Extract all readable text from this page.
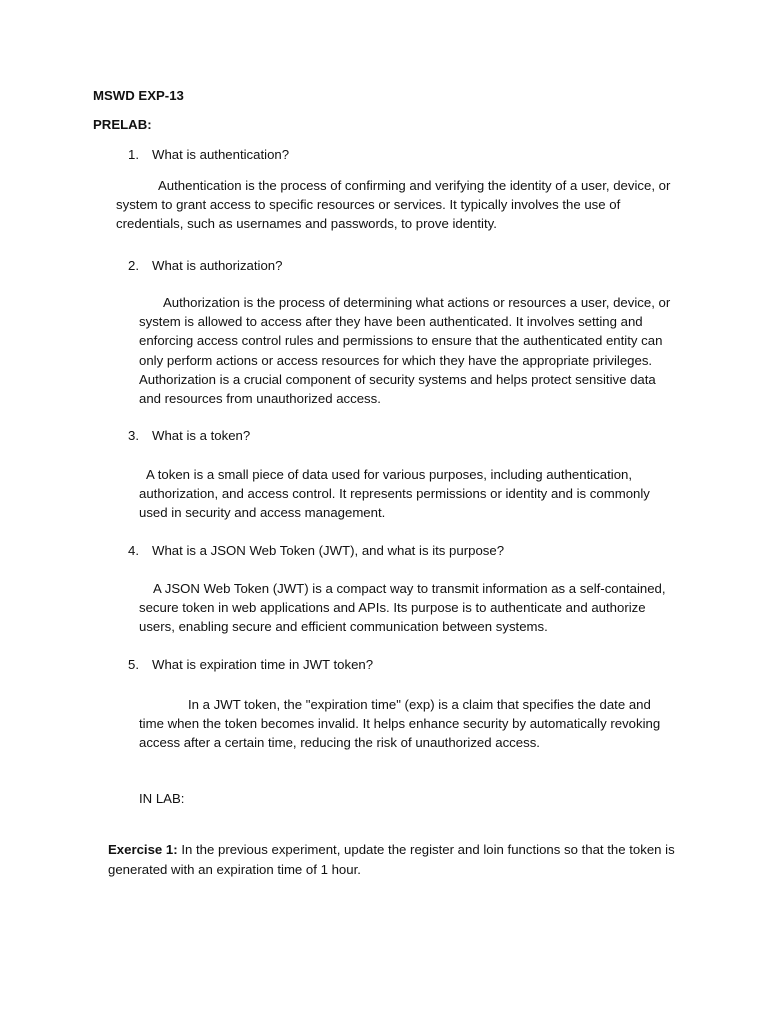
MSWD EXP-13
PRELAB:
1. What is authentication?

Authentication is the process of confirming and verifying the identity of a user, device, or system to grant access to specific resources or services. It typically involves the use of credentials, such as usernames and passwords, to prove identity.

2. What is authorization?

Authorization is the process of determining what actions or resources a user, device, or system is allowed to access after they have been authenticated. It involves setting and enforcing access control rules and permissions to ensure that the authenticated entity can only perform actions or access resources for which they have the appropriate privileges. Authorization is a crucial component of security systems and helps protect sensitive data and resources from unauthorized access.

3. What is a token?

A token is a small piece of data used for various purposes, including authentication, authorization, and access control. It represents permissions or identity and is commonly used in security and access management.

4. What is a JSON Web Token (JWT), and what is its purpose?

A JSON Web Token (JWT) is a compact way to transmit information as a self-contained, secure token in web applications and APIs. Its purpose is to authenticate and authorize users, enabling secure and efficient communication between systems.

5. What is expiration time in JWT token?

In a JWT token, the "expiration time" (exp) is a claim that specifies the date and time when the token becomes invalid. It helps enhance security by automatically revoking access after a certain time, reducing the risk of unauthorized access.

IN LAB:

Exercise 1: In the previous experiment, update the register and loin functions so that the token is generated with an expiration time of 1 hour.
